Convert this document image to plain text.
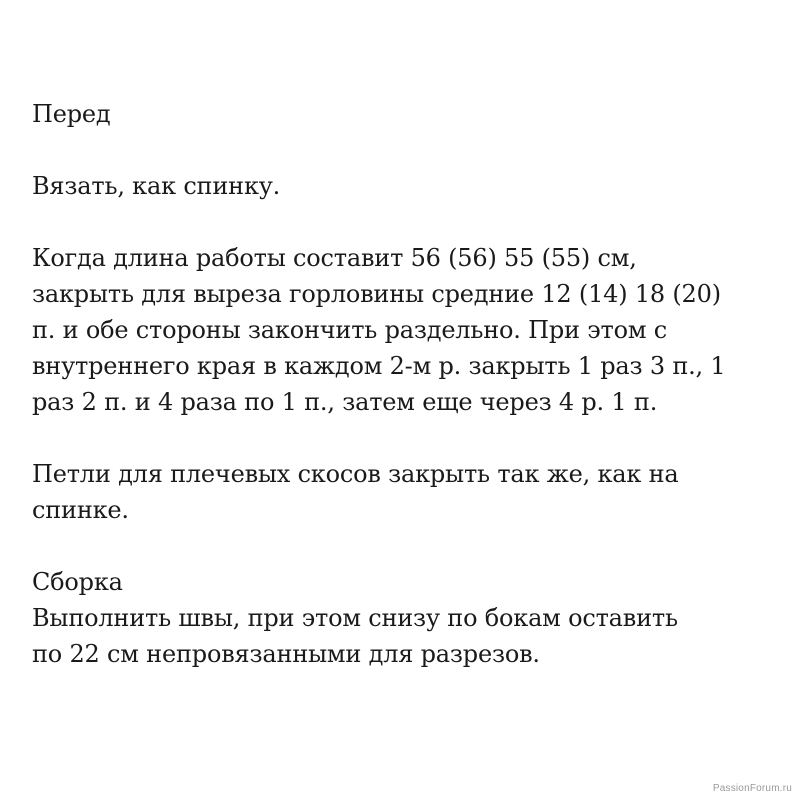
Перед

Вязать, как спинку.

Когда длина работы составит 56 (56) 55 (55) см,

закрыть для выреза горловины средние 12 (14) 18 (20)

п. и обе стороны закончить раздельно. При этом с

внутреннего края в каждом 2-м р. закрыть 1 раз 3 п., 1

раз 2 п. и 4 раза по 1 п., затем еще через 4 р. 1 п.

Петли для плечевых скосов закрыть так же, как на

спинке.

Сборка

Выполнить швы, при этом снизу по бокам оставить

по 22 см непровязанными для разрезов.

PassionForum.ru
